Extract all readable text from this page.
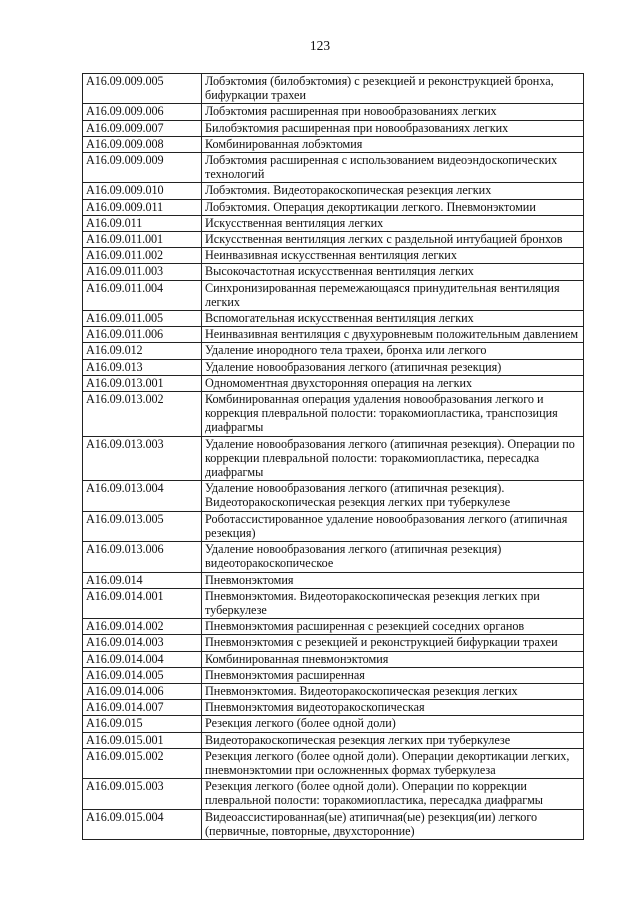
123
A16.09.009.005	Лобэктомия (билобэктомия) с резекцией и реконструкцией бронха, бифуркации трахеи
A16.09.009.006	Лобэктомия расширенная при новообразованиях легких
A16.09.009.007	Билобэктомия расширенная при новообразованиях легких
A16.09.009.008	Комбинированная лобэктомия
A16.09.009.009	Лобэктомия расширенная с использованием видеоэндоскопических технологий
A16.09.009.010	Лобэктомия. Видеоторакоскопическая резекция легких
A16.09.009.011	Лобэктомия. Операция декортикации легкого. Пневмонэктомии
A16.09.011	Искусственная вентиляция легких
A16.09.011.001	Искусственная вентиляция легких с раздельной интубацией бронхов
A16.09.011.002	Неинвазивная искусственная вентиляция легких
A16.09.011.003	Высокочастотная искусственная вентиляция легких
A16.09.011.004	Синхронизированная перемежающаяся принудительная вентиляция легких
A16.09.011.005	Вспомогательная искусственная вентиляция легких
A16.09.011.006	Неинвазивная вентиляция с двухуровневым положительным давлением
A16.09.012	Удаление инородного тела трахеи, бронха или легкого
A16.09.013	Удаление новообразования легкого (атипичная резекция)
A16.09.013.001	Одномоментная двухсторонняя операция на легких
A16.09.013.002	Комбинированная операция удаления новообразования легкого и коррекция плевральной полости: торакомиопластика, транспозиция диафрагмы
A16.09.013.003	Удаление новообразования легкого (атипичная резекция). Операции по коррекции плевральной полости: торакомиопластика, пересадка диафрагмы
A16.09.013.004	Удаление новообразования легкого (атипичная резекция). Видеоторакоскопическая резекция легких при туберкулезе
A16.09.013.005	Роботассистированное удаление новообразования легкого (атипичная резекция)
A16.09.013.006	Удаление новообразования легкого (атипичная резекция) видеоторакоскопическое
A16.09.014	Пневмонэктомия
A16.09.014.001	Пневмонэктомия. Видеоторакоскопическая резекция легких при туберкулезе
A16.09.014.002	Пневмонэктомия расширенная с резекцией соседних органов
A16.09.014.003	Пневмонэктомия с резекцией и реконструкцией бифуркации трахеи
A16.09.014.004	Комбинированная пневмонэктомия
A16.09.014.005	Пневмонэктомия расширенная
A16.09.014.006	Пневмонэктомия. Видеоторакоскопическая резекция легких
A16.09.014.007	Пневмонэктомия видеоторакоскопическая
A16.09.015	Резекция легкого (более одной доли)
A16.09.015.001	Видеоторакоскопическая резекция легких при туберкулезе
A16.09.015.002	Резекция легкого (более одной доли). Операции декортикации легких, пневмонэктомии при осложненных формах туберкулеза
A16.09.015.003	Резекция легкого (более одной доли). Операции по коррекции плевральной полости: торакомиопластика, пересадка диафрагмы
A16.09.015.004	Видеоассистированная(ые) атипичная(ые) резекция(ии) легкого (первичные, повторные, двухсторонние)
